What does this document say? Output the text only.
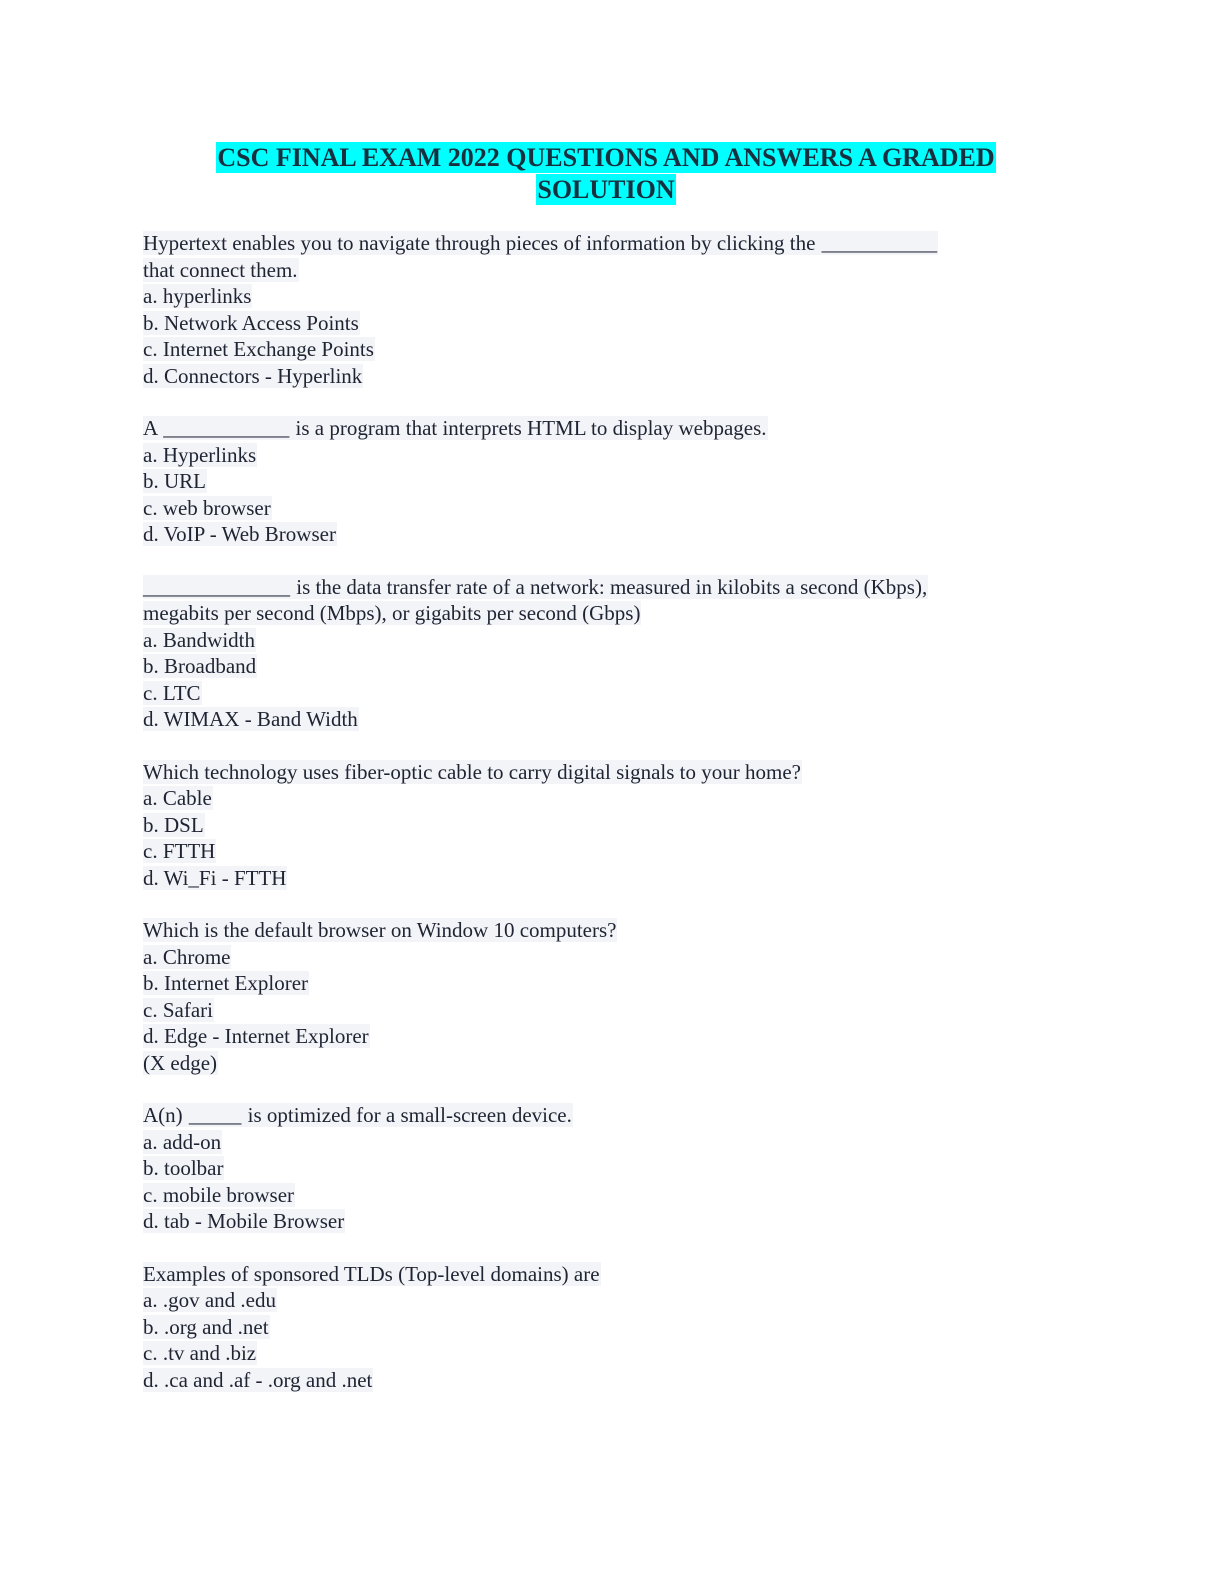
CSC FINAL EXAM 2022 QUESTIONS AND ANSWERS A GRADED
SOLUTION
Hypertext enables you to navigate through pieces of information by clicking the ___________
that connect them.
a. hyperlinks
b. Network Access Points
c. Internet Exchange Points
d. Connectors - Hyperlink
A ____________ is a program that interprets HTML to display webpages.
a. Hyperlinks
b. URL
c. web browser
d. VoIP - Web Browser
______________ is the data transfer rate of a network: measured in kilobits a second (Kbps),
megabits per second (Mbps), or gigabits per second (Gbps)
a. Bandwidth
b. Broadband
c. LTC
d. WIMAX - Band Width
Which technology uses fiber-optic cable to carry digital signals to your home?
a. Cable
b. DSL
c. FTTH
d. Wi_Fi - FTTH
Which is the default browser on Window 10 computers?
a. Chrome
b. Internet Explorer
c. Safari
d. Edge - Internet Explorer
(X edge)
A(n) _____ is optimized for a small-screen device.
a. add-on
b. toolbar
c. mobile browser
d. tab - Mobile Browser
Examples of sponsored TLDs (Top-level domains) are
a. .gov and .edu
b. .org and .net
c. .tv and .biz
d. .ca and .af - .org and .net
